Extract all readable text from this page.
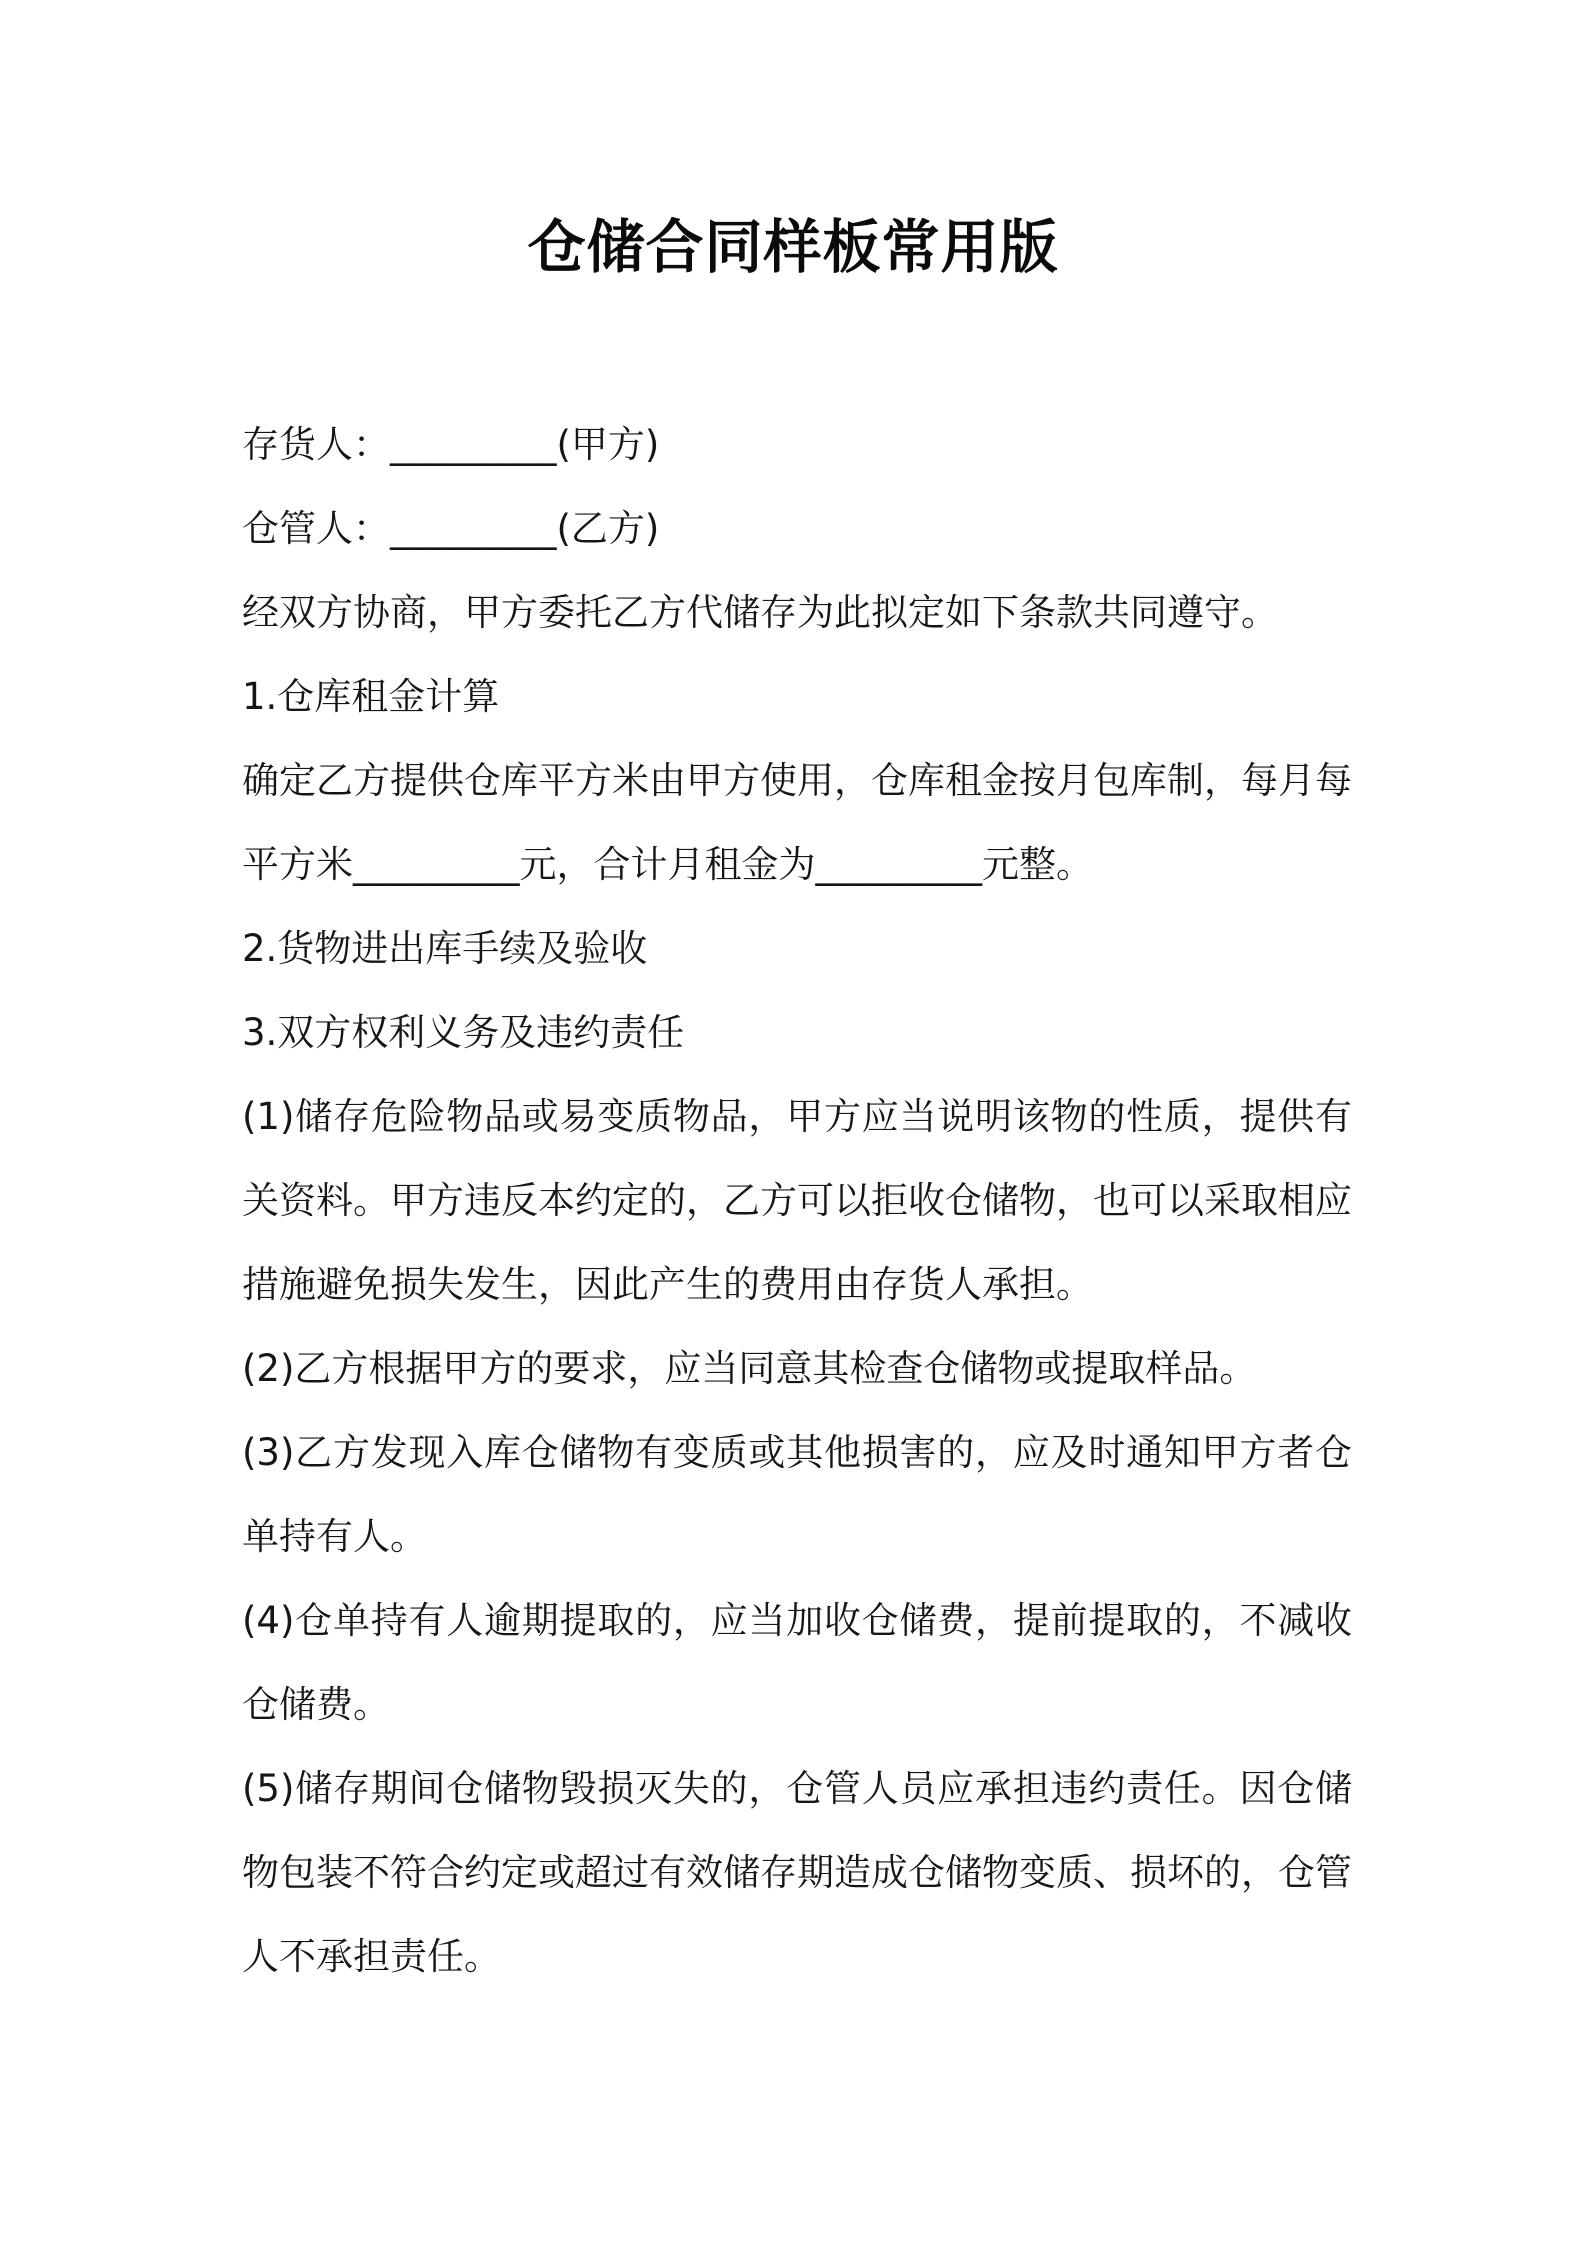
仓储合同样板常用版
存货人：_________(甲方)
仓管人：_________(乙方)
经双方协商，甲方委托乙方代储存为此拟定如下条款共同遵守。
1.仓库租金计算
确定乙方提供仓库平方米由甲方使用，仓库租金按月包库制，每月每
平方米_________元，合计月租金为_________元整。
2.货物进出库手续及验收
3.双方权利义务及违约责任
(1)储存危险物品或易变质物品，甲方应当说明该物的性质，提供有
关资料。甲方违反本约定的，乙方可以拒收仓储物，也可以采取相应
措施避免损失发生，因此产生的费用由存货人承担。
(2)乙方根据甲方的要求，应当同意其检查仓储物或提取样品。
(3)乙方发现入库仓储物有变质或其他损害的，应及时通知甲方者仓
单持有人。
(4)仓单持有人逾期提取的，应当加收仓储费，提前提取的，不减收
仓储费。
(5)储存期间仓储物毁损灭失的，仓管人员应承担违约责任。因仓储
物包装不符合约定或超过有效储存期造成仓储物变质、损坏的，仓管
人不承担责任。
